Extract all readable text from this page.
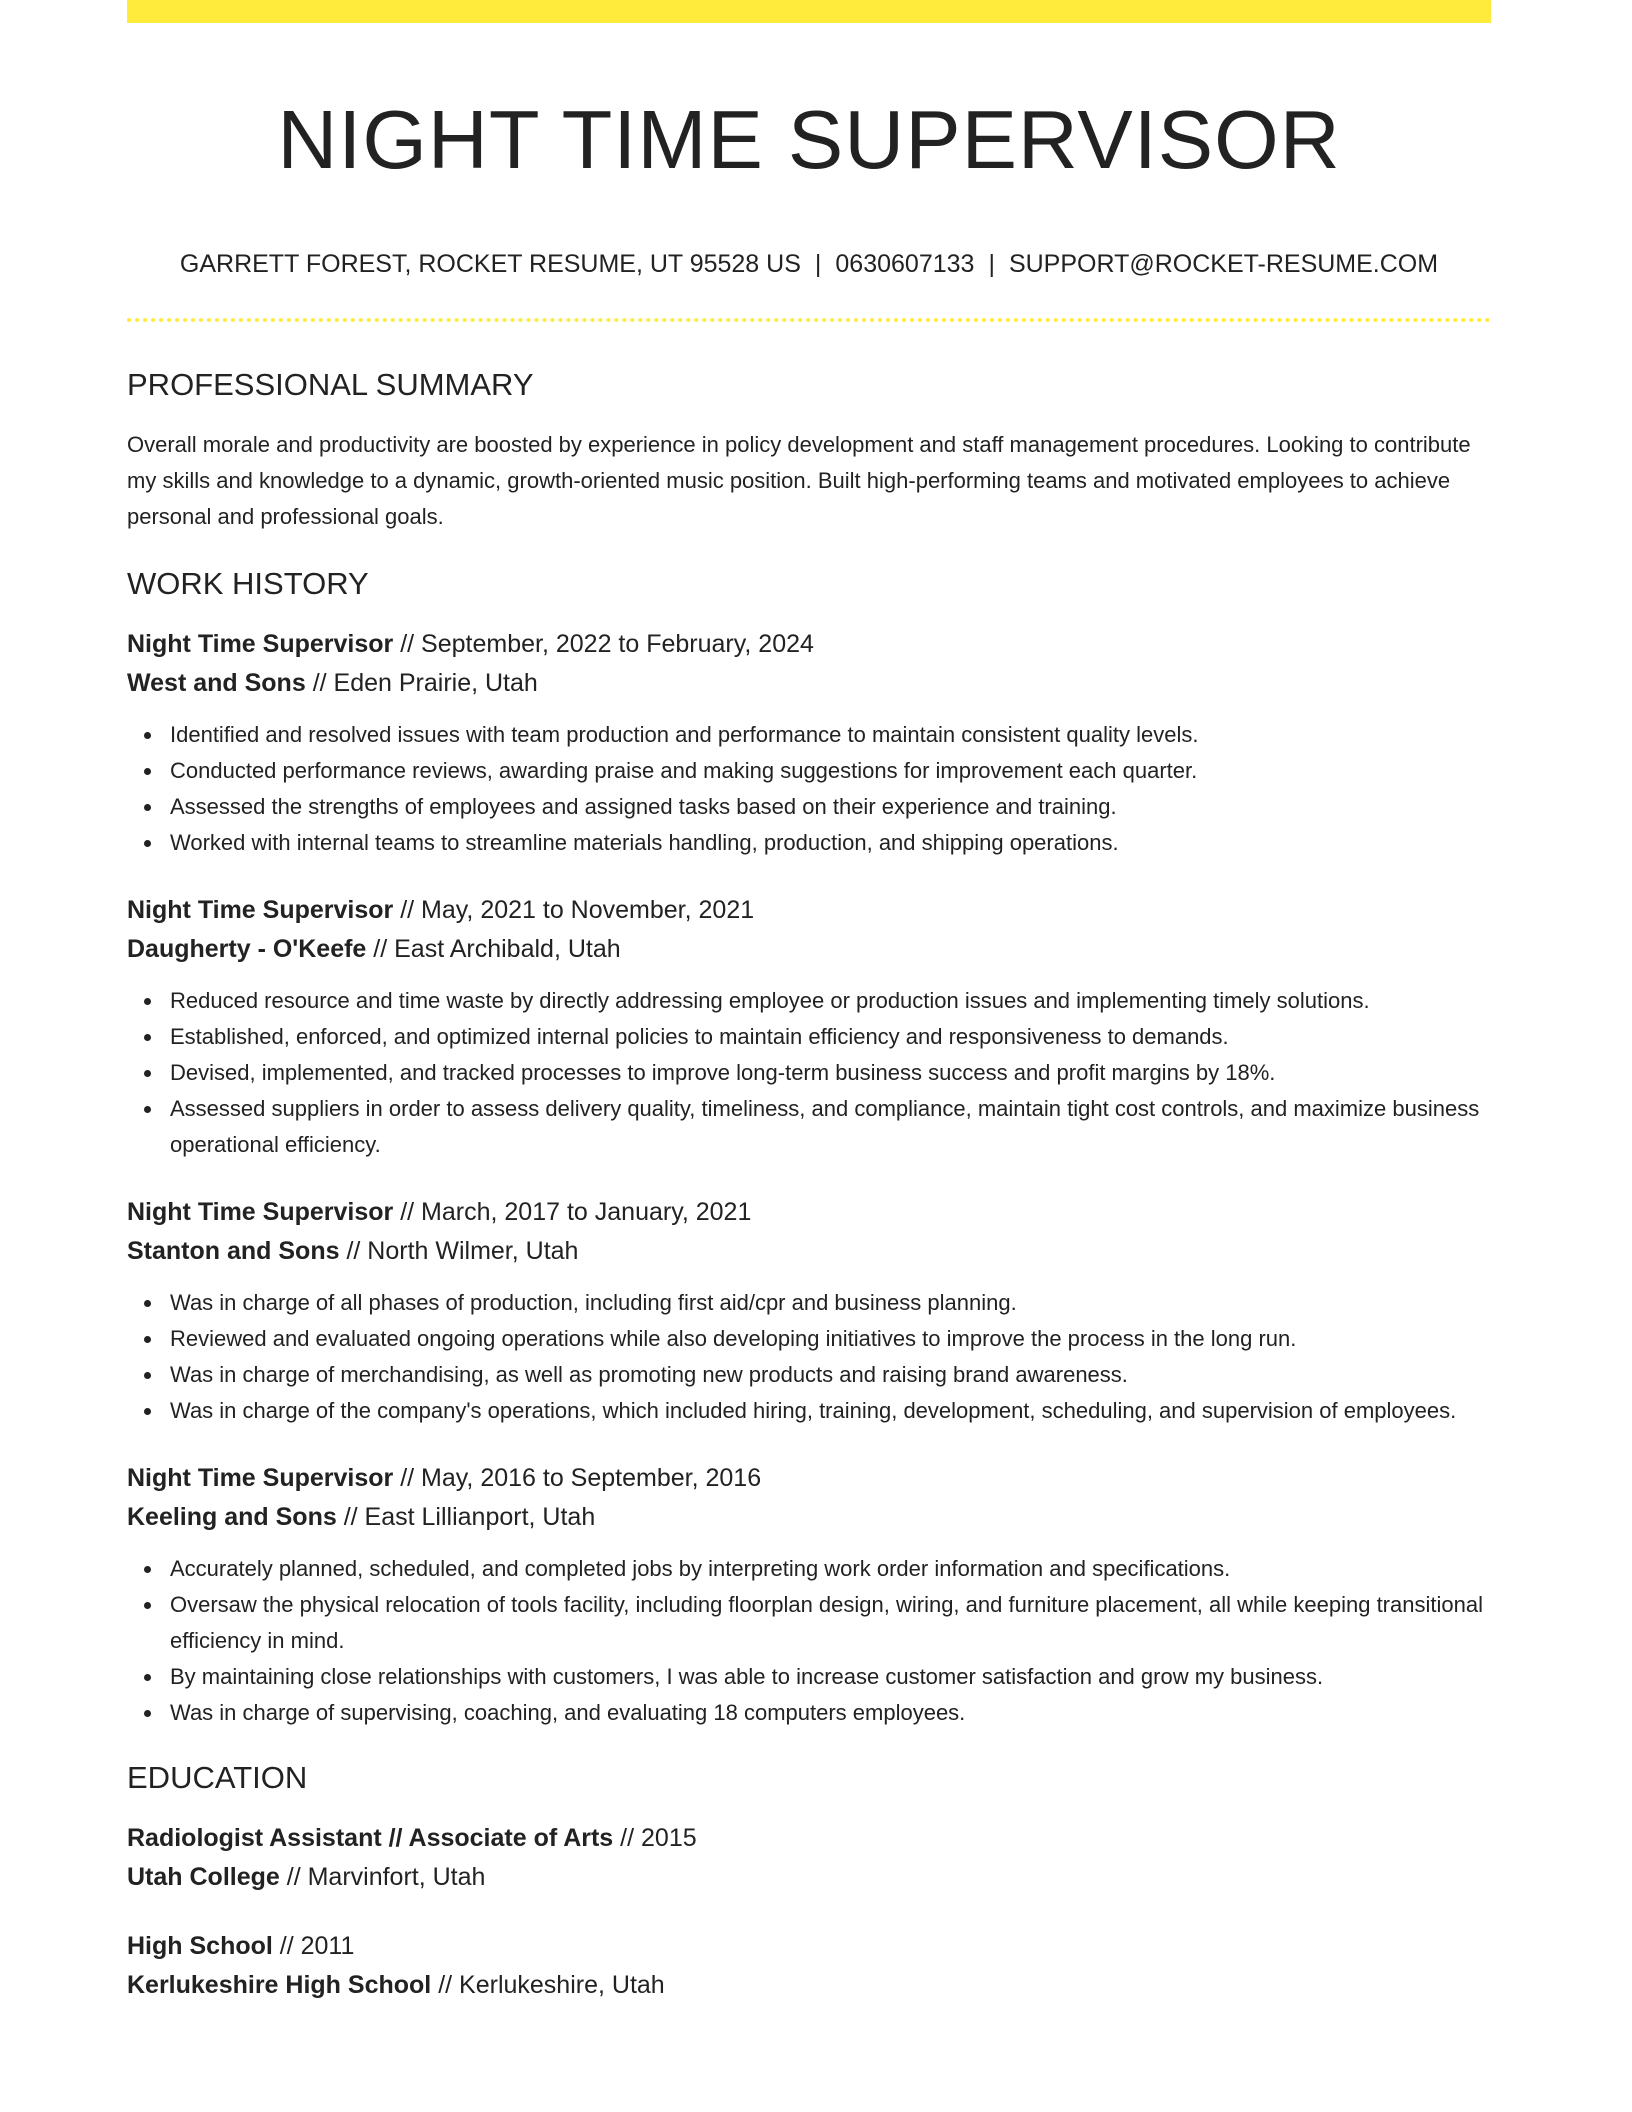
NIGHT TIME SUPERVISOR
GARRETT FOREST, ROCKET RESUME, UT 95528 US | 0630607133 | SUPPORT@ROCKET-RESUME.COM
PROFESSIONAL SUMMARY

Overall morale and productivity are boosted by experience in policy development and staff management procedures. Looking to contribute my skills and knowledge to a dynamic, growth-oriented music position. Built high-performing teams and motivated employees to achieve personal and professional goals.

WORK HISTORY
Night Time Supervisor // September, 2022 to February, 2024
West and Sons // Eden Prairie, Utah
Identified and resolved issues with team production and performance to maintain consistent quality levels.
Conducted performance reviews, awarding praise and making suggestions for improvement each quarter.
Assessed the strengths of employees and assigned tasks based on their experience and training.
Worked with internal teams to streamline materials handling, production, and shipping operations.
Night Time Supervisor // May, 2021 to November, 2021
Daugherty - O'Keefe // East Archibald, Utah
Reduced resource and time waste by directly addressing employee or production issues and implementing timely solutions.
Established, enforced, and optimized internal policies to maintain efficiency and responsiveness to demands.
Devised, implemented, and tracked processes to improve long-term business success and profit margins by 18%.
Assessed suppliers in order to assess delivery quality, timeliness, and compliance, maintain tight cost controls, and maximize business operational efficiency.
Night Time Supervisor // March, 2017 to January, 2021
Stanton and Sons // North Wilmer, Utah
Was in charge of all phases of production, including first aid/cpr and business planning.
Reviewed and evaluated ongoing operations while also developing initiatives to improve the process in the long run.
Was in charge of merchandising, as well as promoting new products and raising brand awareness.
Was in charge of the company's operations, which included hiring, training, development, scheduling, and supervision of employees.
Night Time Supervisor // May, 2016 to September, 2016
Keeling and Sons // East Lillianport, Utah
Accurately planned, scheduled, and completed jobs by interpreting work order information and specifications.
Oversaw the physical relocation of tools facility, including floorplan design, wiring, and furniture placement, all while keeping transitional efficiency in mind.
By maintaining close relationships with customers, I was able to increase customer satisfaction and grow my business.
Was in charge of supervising, coaching, and evaluating 18 computers employees.
EDUCATION
Radiologist Assistant // Associate of Arts // 2015
Utah College // Marvinfort, Utah
High School // 2011
Kerlukeshire High School // Kerlukeshire, Utah
